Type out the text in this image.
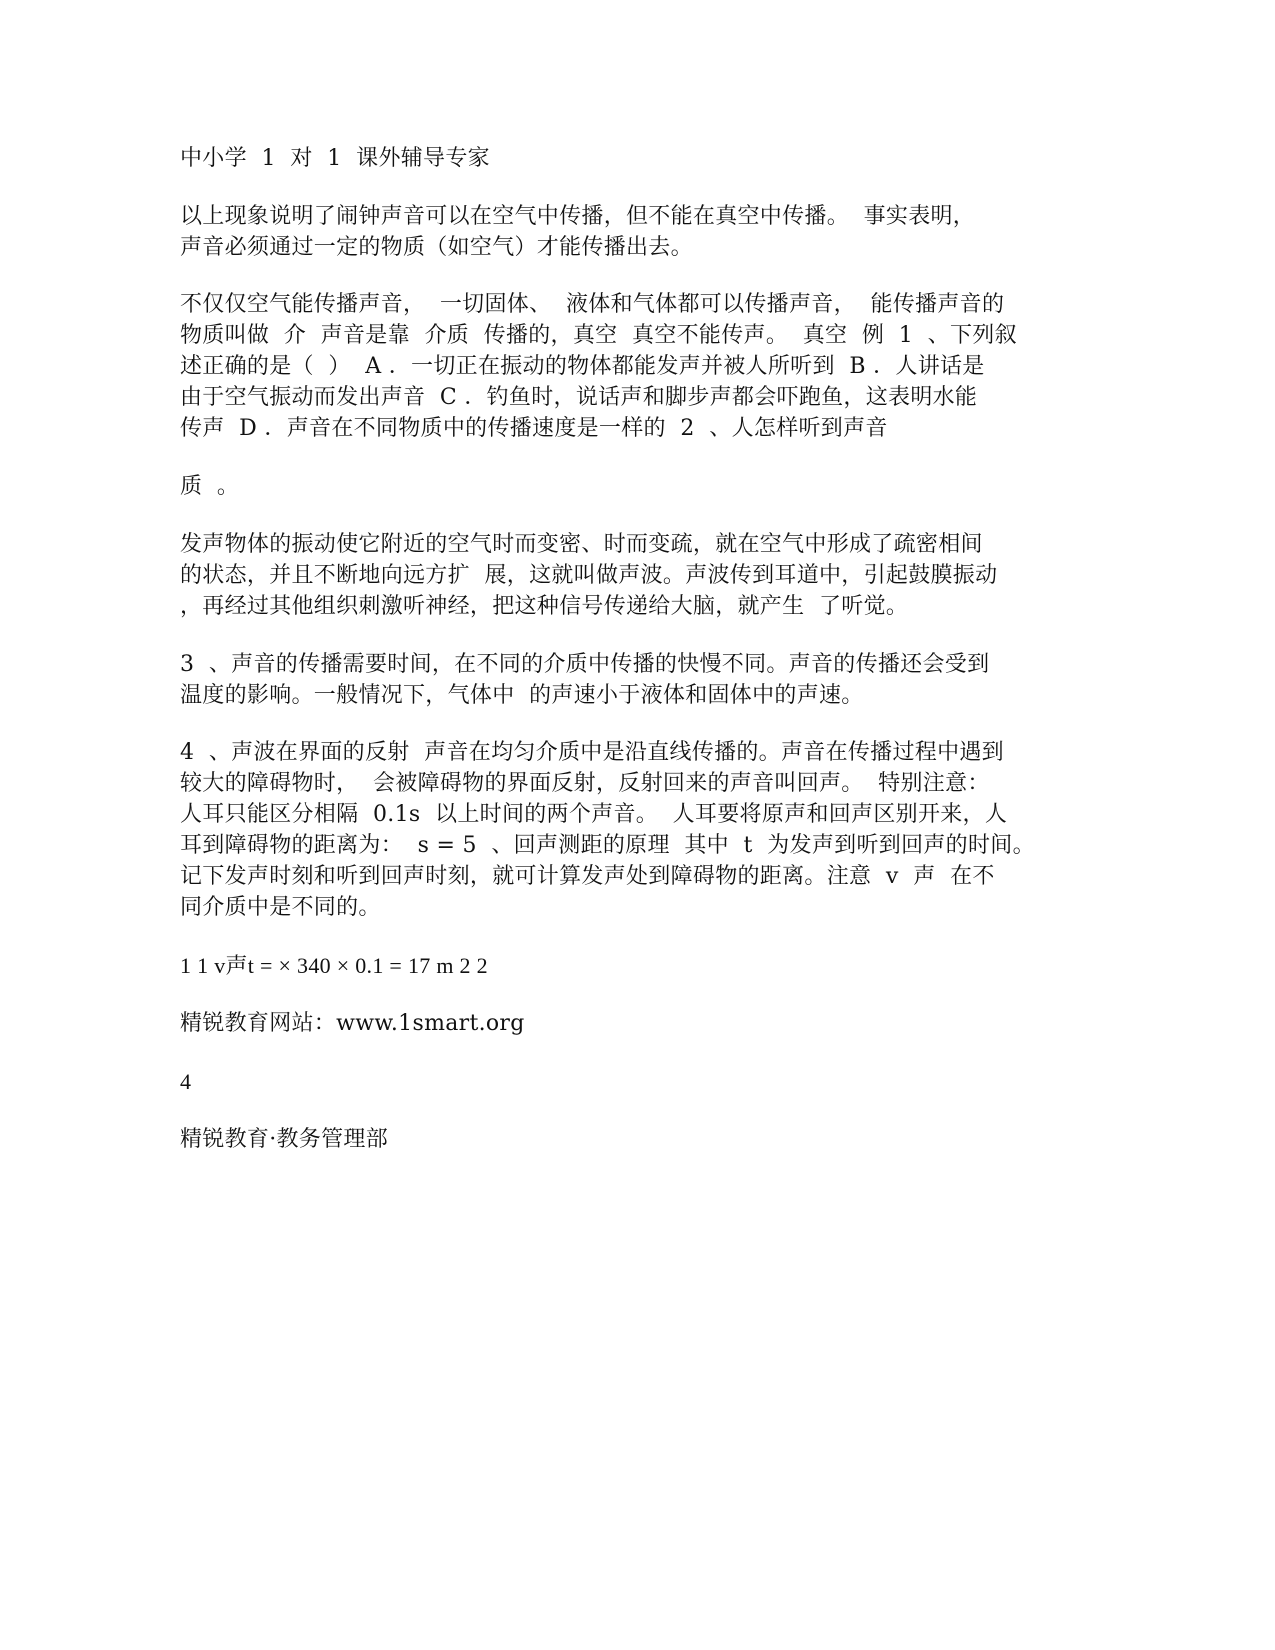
中小学  1  对  1  课外辅导专家

以上现象说明了闹钟声音可以在空气中传播，但不能在真空中传播。  事实表明，
声音必须通过一定的物质（如空气）才能传播出去。

不仅仅空气能传播声音，  一切固体、  液体和气体都可以传播声音，  能传播声音的
物质叫做  介  声音是靠  介质  传播的，真空  真空不能传声。  真空  例  1  、下列叙
述正确的是（  ）  A ．一切正在振动的物体都能发声并被人所听到  B ．人讲话是
由于空气振动而发出声音  C ．钓鱼时，说话声和脚步声都会吓跑鱼，这表明水能
传声  D ．声音在不同物质中的传播速度是一样的  2  、人怎样听到声音

质  。

发声物体的振动使它附近的空气时而变密、时而变疏，就在空气中形成了疏密相间
的状态，并且不断地向远方扩  展，这就叫做声波。声波传到耳道中，引起鼓膜振动
，再经过其他组织刺激听神经，把这种信号传递给大脑，就产生  了听觉。

3  、声音的传播需要时间，在不同的介质中传播的快慢不同。声音的传播还会受到
温度的影响。一般情况下，气体中  的声速小于液体和固体中的声速。

4  、声波在界面的反射  声音在均匀介质中是沿直线传播的。声音在传播过程中遇到
较大的障碍物时，  会被障碍物的界面反射，反射回来的声音叫回声。  特别注意：
人耳只能区分相隔  0.1s  以上时间的两个声音。  人耳要将原声和回声区别开来，人
耳到障碍物的距离为：  s = 5  、回声测距的原理  其中  t  为发声到听到回声的时间。
记下发声时刻和听到回声时刻，就可计算发声处到障碍物的距离。注意  v  声  在不
同介质中是不同的。

1 1 v声t = × 340 × 0.1 = 17 m 2 2

精锐教育网站：www.1smart.org

4

精锐教育·教务管理部
